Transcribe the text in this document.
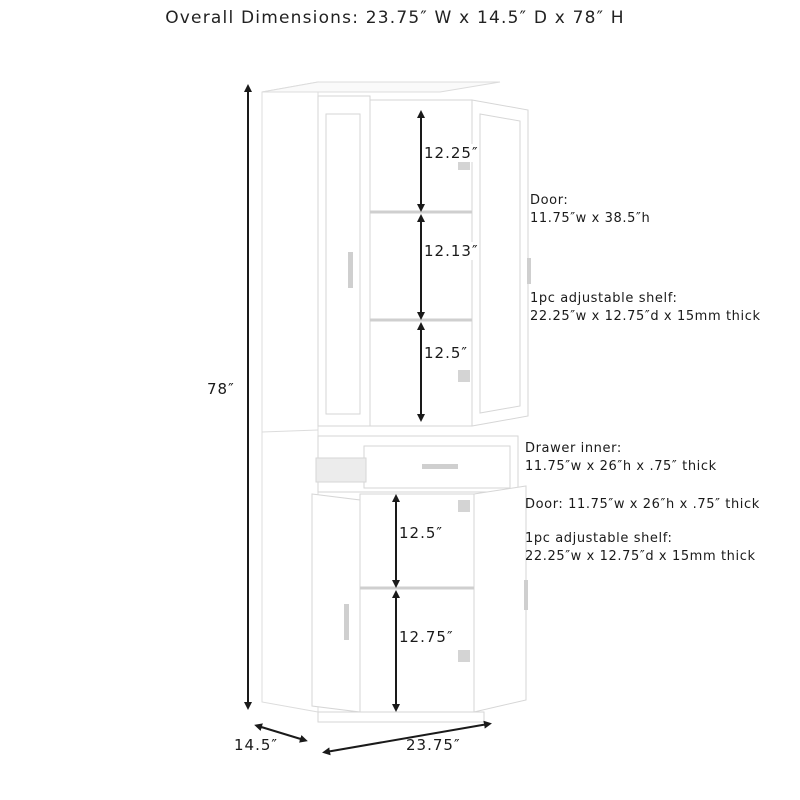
Overall Dimensions: 23.75″ W x 14.5″ D x 78″ H
78″
14.5″	23.75″
12.25″
12.13″
12.5″
12.5″
12.75″
Door:
11.75″w x 38.5″h
1pc adjustable shelf:
22.25″w x 12.75″d x 15mm thick
Drawer inner:
11.75″w x 26″h x .75″ thick
Door: 11.75″w x 26″h x .75″ thick
1pc adjustable shelf:
22.25″w x 12.75″d x 15mm thick
